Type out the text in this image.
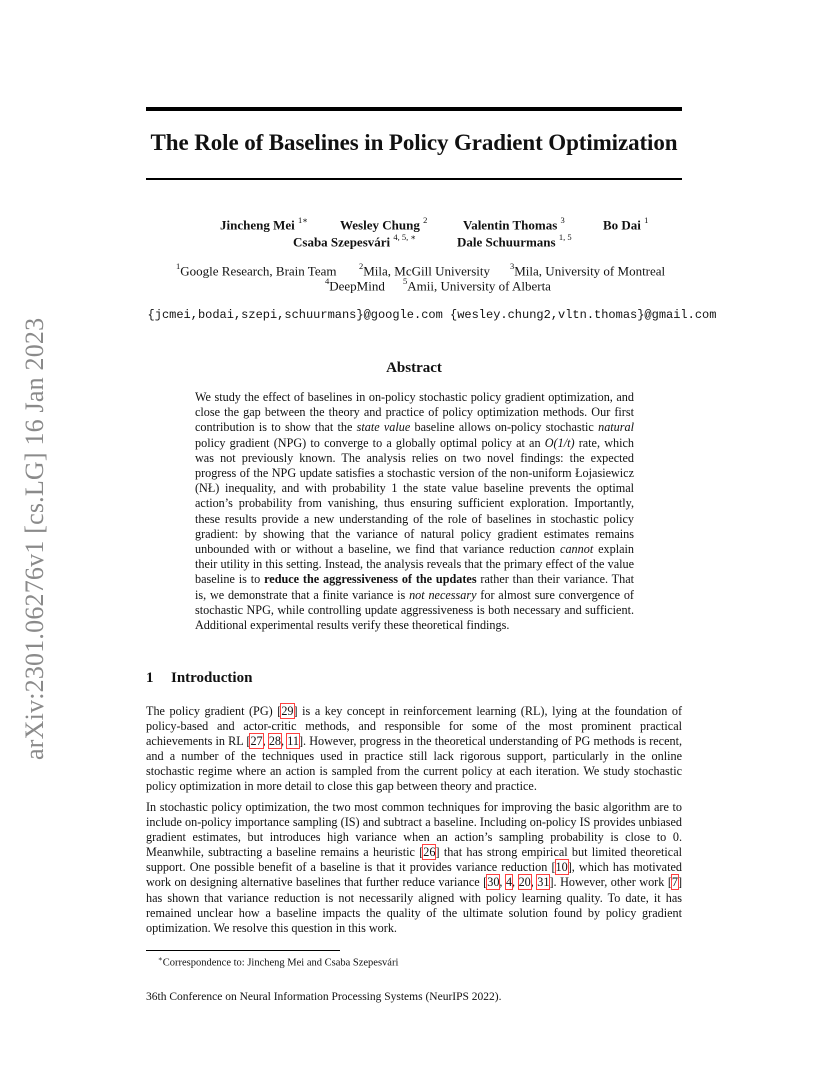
arXiv:2301.06276v1 [cs.LG] 16 Jan 2023
The Role of Baselines in Policy Gradient Optimization
Jincheng Mei $^{1∗}$ Wesley Chung $^2$	Valentin Thomas $^3$	Bo Dai $^1$
Csaba Szepesvári $^{4, 5, ∗}$	Dale Schuurmans $^{1, 5}$
$^1$Google Research, Brain Team	$^2$Mila, McGill University $^3$Mila, University of Montreal
$^4$DeepMind $^5$Amii, University of Alberta
{jcmei,bodai,szepi,schuurmans}@google.com {wesley.chung2,vltn.thomas}@gmail.com
Abstract
We study the effect of baselines in on-policy stochastic policy gradient optimization, and close the gap between the theory and practice of policy optimization methods. Our first contribution is to show that the state value baseline allows on-policy stochastic natural policy gradient (NPG) to converge to a globally optimal policy at an O(1/t) rate, which was not previously known. The analysis relies on two novel findings: the expected progress of the NPG update satisfies a stochastic version of the non-uniform Łojasiewicz (NŁ) inequality, and with probability 1 the state value baseline prevents the optimal action’s probability from vanishing, thus ensuring sufficient exploration. Importantly, these results provide a new understanding of the role of baselines in stochastic policy gradient: by showing that the variance of natural policy gradient estimates remains unbounded with or without a baseline, we find that variance reduction cannot explain their utility in this setting. Instead, the analysis reveals that the primary effect of the value baseline is to reduce the aggressiveness of the updates rather than their variance. That is, we demonstrate that a finite variance is not necessary for almost sure convergence of stochastic NPG, while controlling update aggressiveness is both necessary and sufficient. Additional experimental results verify these theoretical findings.
1 Introduction

The policy gradient (PG) [ 29 ] is a key concept in reinforcement learning (RL), lying at the foundation of policy-based and actor-critic methods, and responsible for some of the most prominent practical achievements in RL [ 27, 28, 11 ] . However, progress in the theoretical understanding of PG methods is recent, and a number of the techniques used in practice still lack rigorous support, particularly in the online stochastic regime where an action is sampled from the current policy at each iteration. We study stochastic policy optimization in more detail to close this gap between theory and practice.

In stochastic policy optimization, the two most common techniques for improving the basic algorithm are to include on-policy importance sampling (IS) and subtract a baseline. Including on-policy IS provides unbiased gradient estimates, but introduces high variance when an action’s sampling probability is close to 0. Meanwhile, subtracting a baseline remains a heuristic [ 26 ] that has strong empirical but limited theoretical support. One possible benefit of a baseline is that it provides variance reduction [ 10 ] , which has motivated work on designing alternative baselines that further reduce variance [ 30, 4, 20, 31 ] . However, other work [ 7 ] has shown that variance reduction is not necessarily aligned with policy learning quality. To date, it has remained unclear how a baseline impacts the quality of the ultimate solution found by policy gradient optimization. We resolve this question in this work.

∗Correspondence to: Jincheng Mei and Csaba Szepesvári
36th Conference on Neural Information Processing Systems (NeurIPS 2022).
